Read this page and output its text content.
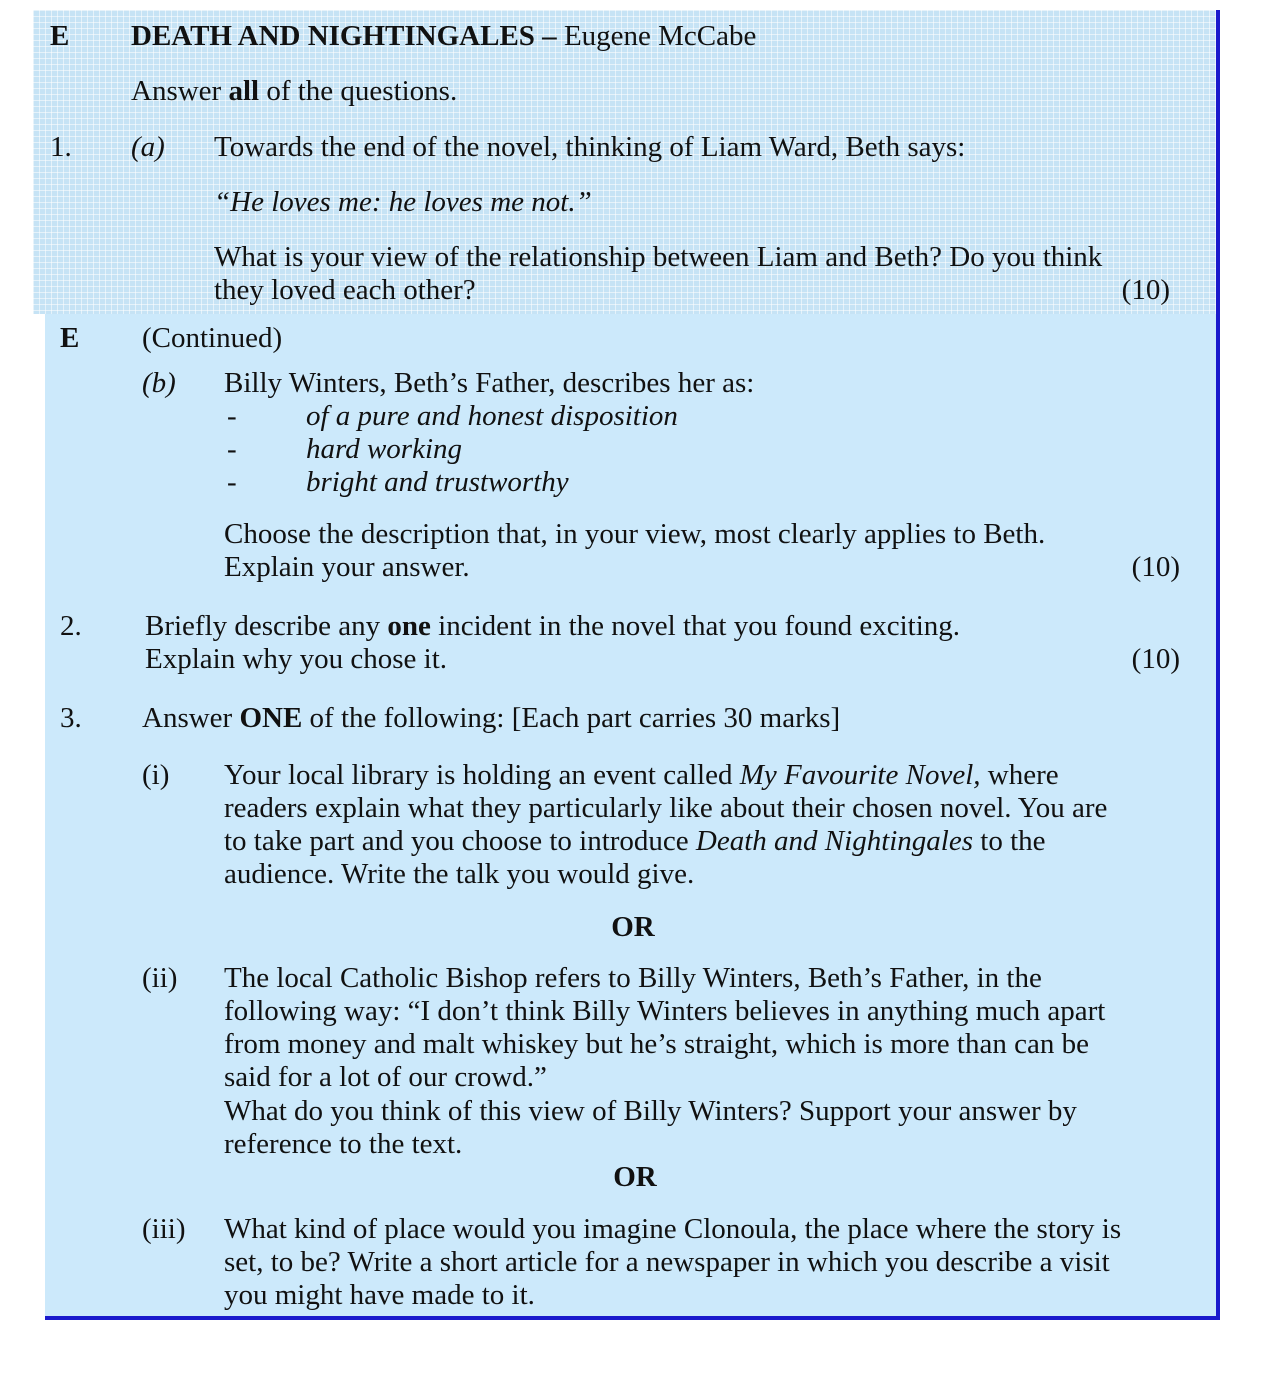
E DEATH AND NIGHTINGALES – Eugene McCabe
Answer all of the questions.
1. (a) Towards the end of the novel, thinking of Liam Ward, Beth says:
“He loves me: he loves me not.”
What is your view of the relationship between Liam and Beth? Do you think
they loved each other?	(10)
E (Continued)
(b) Billy Winters, Beth’s Father, describes her as:
- of a pure and honest disposition
- hard working
- bright and trustworthy
Choose the description that, in your view, most clearly applies to Beth.
Explain your answer.	(10)
2. Briefly describe any one incident in the novel that you found exciting.
Explain why you chose it.	(10)
3. Answer ONE of the following: [Each part carries 30 marks]
(i) Your local library is holding an event called My Favourite Novel, where
readers explain what they particularly like about their chosen novel. You are
to take part and you choose to introduce Death and Nightingales to the
audience. Write the talk you would give.
OR
(ii) The local Catholic Bishop refers to Billy Winters, Beth’s Father, in the
following way: “I don’t think Billy Winters believes in anything much apart
from money and malt whiskey but he’s straight, which is more than can be
said for a lot of our crowd.”
What do you think of this view of Billy Winters? Support your answer by
reference to the text.
OR
(iii) What kind of place would you imagine Clonoula, the place where the story is
set, to be? Write a short article for a newspaper in which you describe a visit
you might have made to it.
